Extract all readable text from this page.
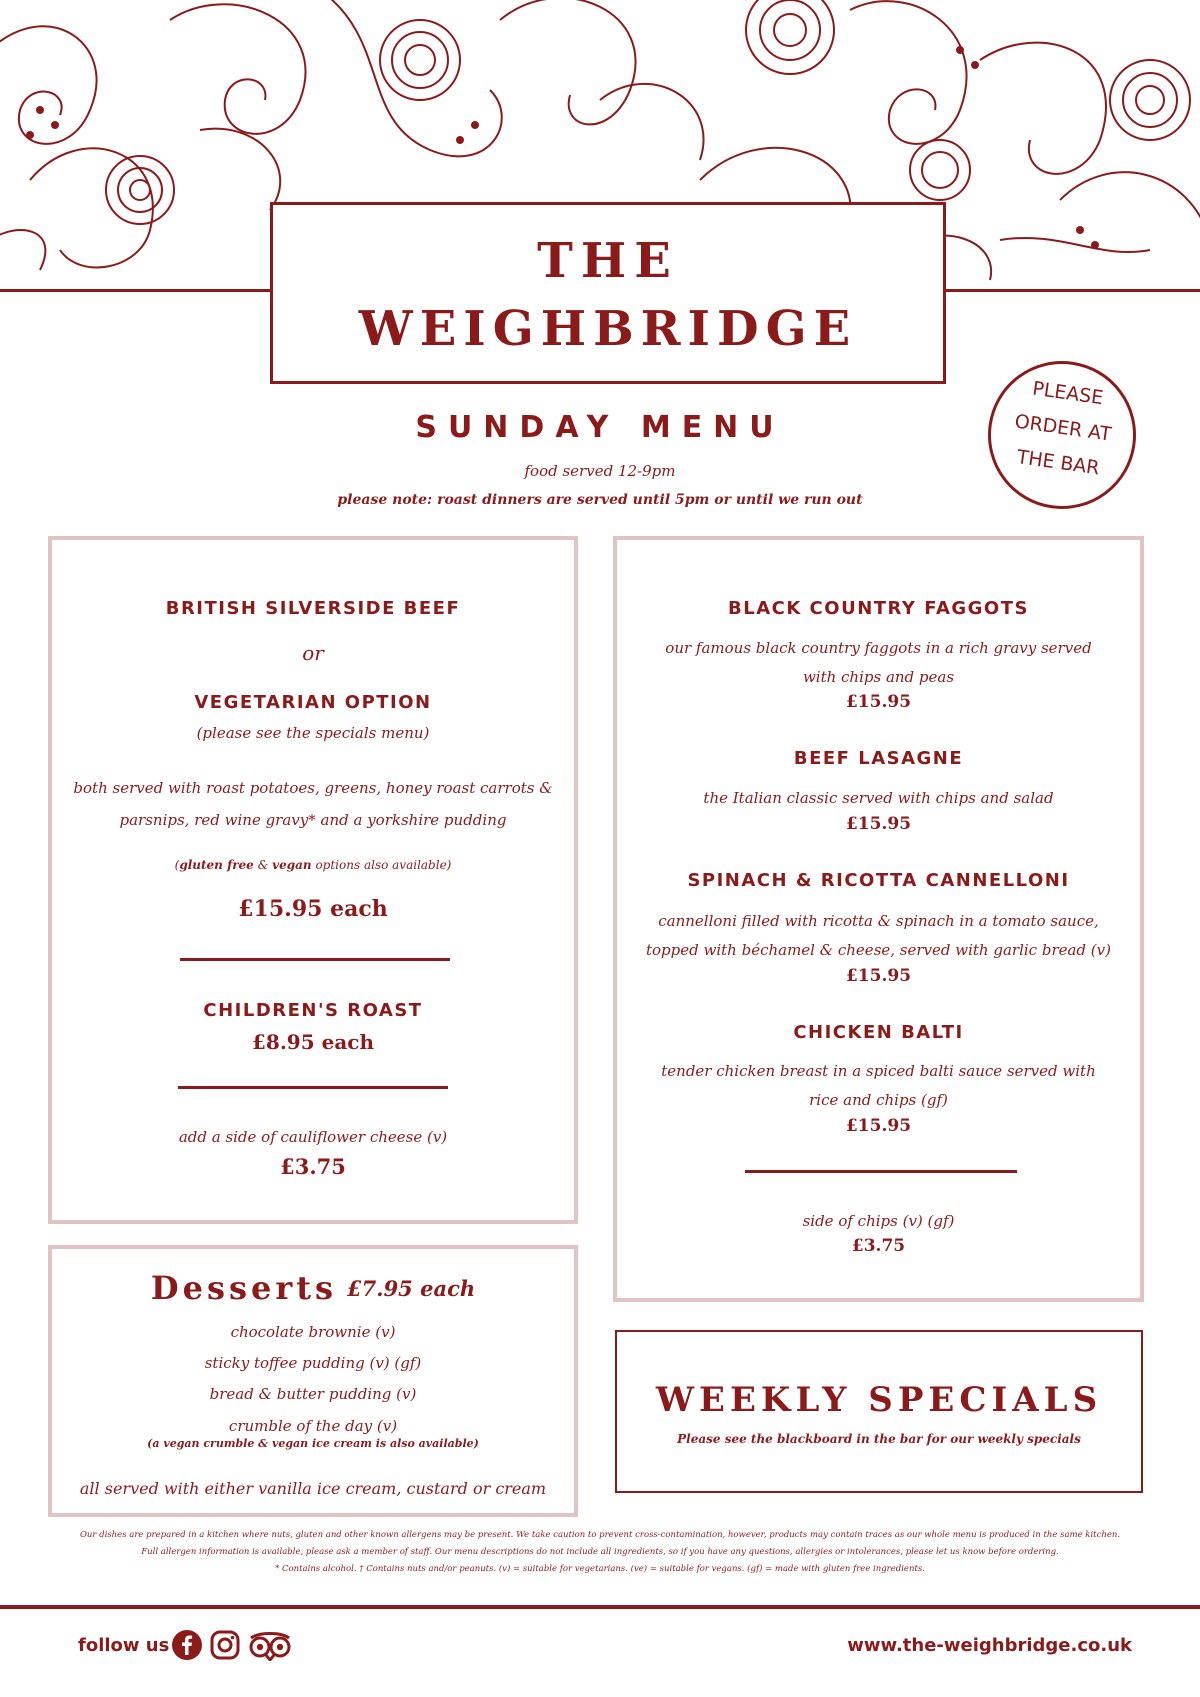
THE
WEIGHBRIDGE
SUNDAY MENU
food served 12-9pm
please note: roast dinners are served until 5pm or until we run out
PLEASE
ORDER AT
THE BAR
BRITISH SILVERSIDE BEEF
or
VEGETARIAN OPTION
(please see the specials menu)
both served with roast potatoes, greens, honey roast carrots &
parsnips, red wine gravy* and a yorkshire pudding
(gluten free & vegan options also available)
£15.95 each
CHILDREN'S ROAST
£8.95 each
add a side of cauliflower cheese (v)
£3.75
BLACK COUNTRY FAGGOTS
our famous black country faggots in a rich gravy served
with chips and peas
£15.95
BEEF LASAGNE
the Italian classic served with chips and salad
£15.95
SPINACH & RICOTTA CANNELLONI
cannelloni filled with ricotta & spinach in a tomato sauce,
topped with béchamel & cheese, served with garlic bread (v)
£15.95
CHICKEN BALTI
tender chicken breast in a spiced balti sauce served with
rice and chips (gf)
£15.95
side of chips (v) (gf)
£3.75
Desserts £7.95 each
chocolate brownie (v)
sticky toffee pudding (v) (gf)
bread & butter pudding (v)
crumble of the day (v)
(a vegan crumble & vegan ice cream is also available)
all served with either vanilla ice cream, custard or cream
WEEKLY SPECIALS
Please see the blackboard in the bar for our weekly specials
Our dishes are prepared in a kitchen where nuts, gluten and other known allergens may be present. We take caution to prevent cross-contamination, however, products may contain traces as our whole menu is produced in the same kitchen.
Full allergen information is available, please ask a member of staff. Our menu descriptions do not include all ingredients, so if you have any questions, allergies or intolerances, please let us know before ordering.
* Contains alcohol. † Contains nuts and/or peanuts. (v) = suitable for vegetarians. (ve) = suitable for vegans. (gf) = made with gluten free ingredients.
follow us	www.the-weighbridge.co.uk
